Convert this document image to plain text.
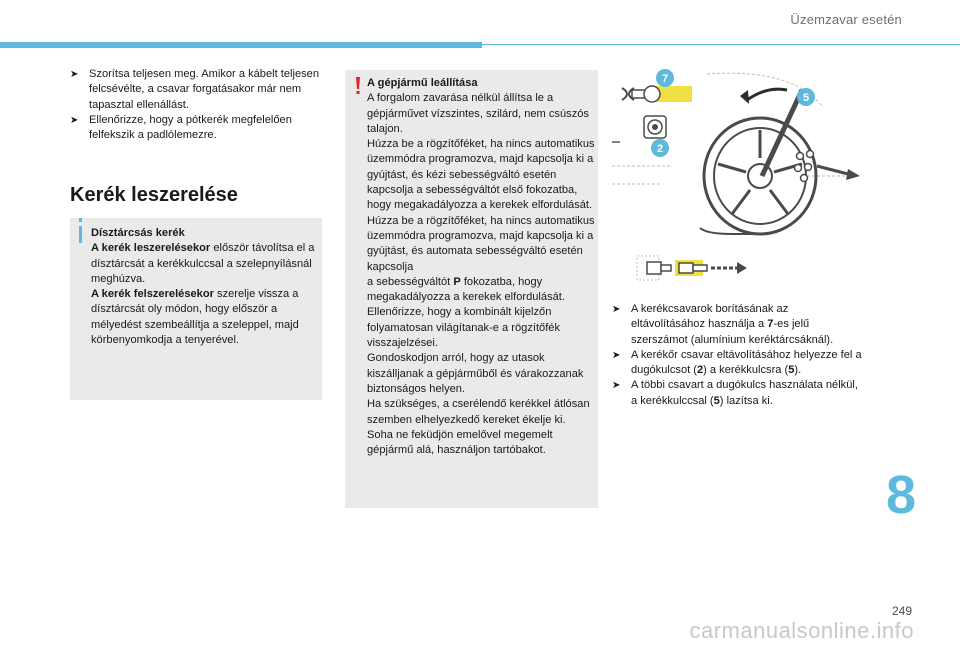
Üzemzavar esetén
➤ Szorítsa teljesen meg. Amikor a kábelt teljesen felcsévélte, a csavar forgatásakor már nem tapasztal ellenállást.
➤ Ellenőrizze, hogy a pótkerék megfelelően felfekszik a padlólemezre.
Kerék leszerelése
Dísztárcsás kerék
A kerék leszerelésekor először távolítsa el a dísztárcsát a kerékkulccsal a szelepnyílásnál meghúzva.
A kerék felszerelésekor szerelje vissza a dísztárcsát oly módon, hogy először a mélyedést szembeállítja a szeleppel, majd körbenyomkodja a tenyerével.

A gépjármű leállítása

A forgalom zavarása nélkül állítsa le a gépjárművet vízszintes, szilárd, nem csúszós talajon.

Húzza be a rögzítőféket, ha nincs automatikus üzemmódra programozva, majd kapcsolja ki a gyújtást, és kézi sebességváltó esetén kapcsolja a sebességváltót első fokozatba, hogy megakadályozza a kerekek elfordulását.

Húzza be a rögzítőféket, ha nincs automatikus üzemmódra programozva, majd kapcsolja ki a gyújtást, és automata sebességváltó esetén kapcsolja

a sebességváltót P fokozatba, hogy megakadályozza a kerekek elfordulását.

Ellenőrizze, hogy a kombinált kijelzőn folyamatosan világítanak-e a rögzítőfék visszajelzései.

Gondoskodjon arról, hogy az utasok kiszálljanak a gépjárműből és várakozzanak biztonságos helyen.

Ha szükséges, a cserélendő kerékkel átlósan szemben elhelyezkedő kereket ékelje ki.

Soha ne feküdjön emelővel megemelt gépjármű alá, használjon tartóbakot.

7
5
2
➤ A kerékcsavarok borításának az eltávolításához használja a 7-es jelű szerszámot (alumínium keréktárcsáknál).
➤ A kerékőr csavar eltávolításához helyezze fel a dugókulcsot (2) a kerékkulcsra (5).
➤ A többi csavart a dugókulcs használata nélkül, a kerékkulccsal (5) lazítsa ki.
8
249
carmanualsonline.info
